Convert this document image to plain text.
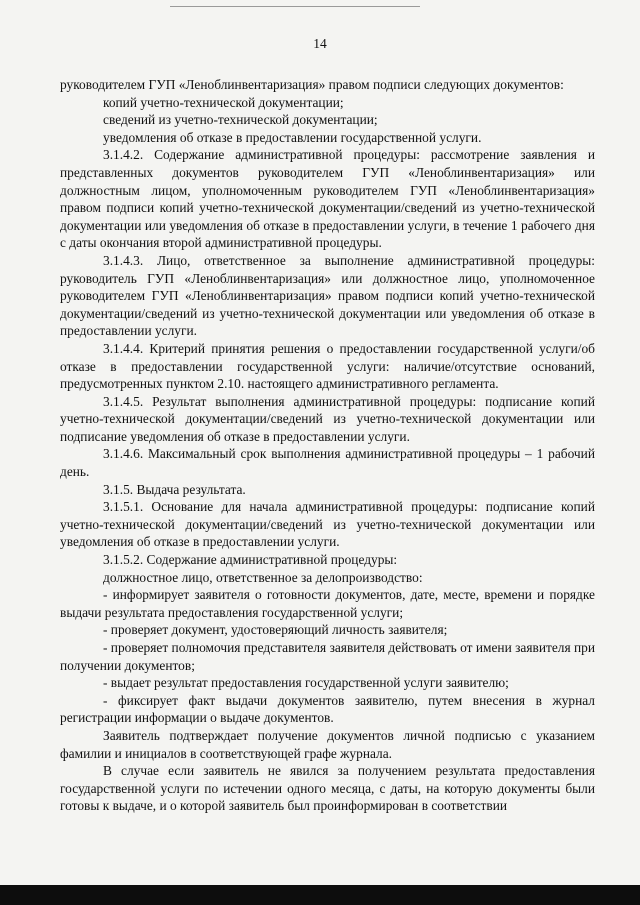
14

руководителем ГУП «Леноблинвентаризация» правом подписи следующих документов:

копий учетно-технической документации;

сведений из учетно-технической документации;

уведомления об отказе в предоставлении государственной услуги.

3.1.4.2. Содержание административной процедуры: рассмотрение заявления и представленных документов руководителем ГУП «Леноблинвентаризация» или должностным лицом, уполномоченным руководителем ГУП «Леноблинвентаризация» правом подписи копий учетно-технической документации/сведений из учетно-технической документации или уведомления об отказе в предоставлении услуги, в течение 1 рабочего дня с даты окончания второй административной процедуры.

3.1.4.3. Лицо, ответственное за выполнение административной процедуры: руководитель ГУП «Леноблинвентаризация» или должностное лицо, уполномоченное руководителем ГУП «Леноблинвентаризация» правом подписи копий учетно-технической документации/сведений из учетно-технической документации или уведомления об отказе в предоставлении услуги.

3.1.4.4. Критерий принятия решения о предоставлении государственной услуги/об отказе в предоставлении государственной услуги: наличие/отсутствие оснований, предусмотренных пунктом 2.10. настоящего административного регламента.

3.1.4.5. Результат выполнения административной процедуры: подписание копий учетно-технической документации/сведений из учетно-технической документации или подписание уведомления об отказе в предоставлении услуги.

3.1.4.6. Максимальный срок выполнения административной процедуры – 1 рабочий день.

3.1.5. Выдача результата.

3.1.5.1. Основание для начала административной процедуры: подписание копий учетно-технической документации/сведений из учетно-технической документации или уведомления об отказе в предоставлении услуги.

3.1.5.2. Содержание административной процедуры:

должностное лицо, ответственное за делопроизводство:

- информирует заявителя о готовности документов, дате, месте, времени и порядке выдачи результата предоставления государственной услуги;

- проверяет документ, удостоверяющий личность заявителя;

- проверяет полномочия представителя заявителя действовать от имени заявителя при получении документов;

- выдает результат предоставления государственной услуги заявителю;

- фиксирует факт выдачи документов заявителю, путем внесения в журнал регистрации информации о выдаче документов.

Заявитель подтверждает получение документов личной подписью с указанием фамилии и инициалов в соответствующей графе журнала.

В случае если заявитель не явился за получением результата предоставления государственной услуги по истечении одного месяца, с даты, на которую документы были готовы к выдаче, и о которой заявитель был проинформирован в соответствии
